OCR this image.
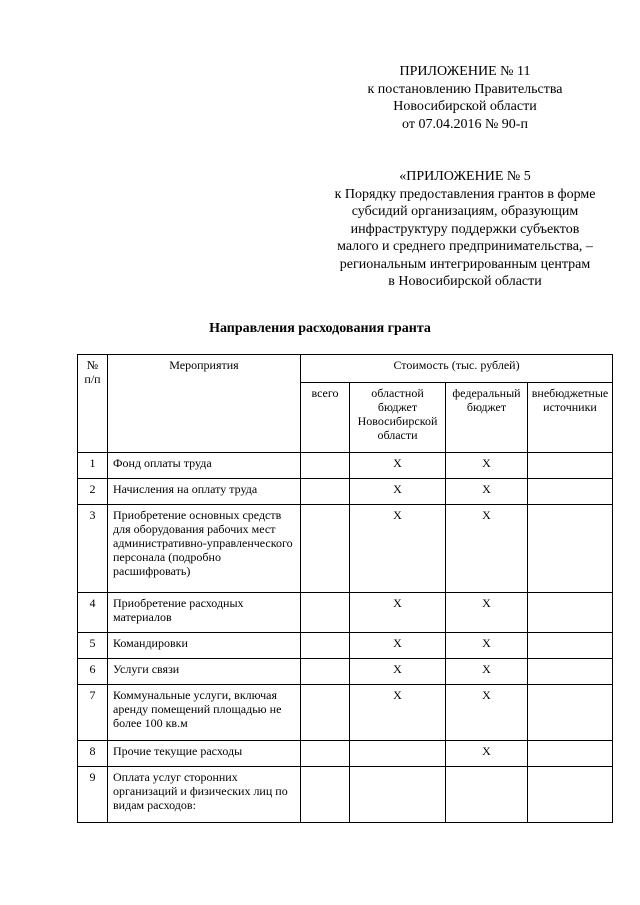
ПРИЛОЖЕНИЕ № 11
к постановлению Правительства
Новосибирской области
от 07.04.2016 № 90-п
«ПРИЛОЖЕНИЕ № 5
к Порядку предоставления грантов в форме
субсидий организациям, образующим
инфраструктуру поддержки субъектов
малого и среднего предпринимательства, –
региональным интегрированным центрам
в Новосибирской области
Направления расходования гранта
№ п/п	Мероприятия	Стоимость (тыс. рублей)			
		всего	областной бюджет Новосибирской области	федеральный бюджет	внебюджетные источники
1	Фонд оплаты труда		X	X	
2	Начисления на оплату труда		X	X	
3	Приобретение основных средств для оборудования рабочих мест административно-управленческого персонала (подробно расшифровать)		X	X	
4	Приобретение расходных материалов		X	X	
5	Командировки		X	X	
6	Услуги связи		X	X	
7	Коммунальные услуги, включая аренду помещений площадью не более 100 кв.м		X	X	
8	Прочие текущие расходы			X	
9	Оплата услуг сторонних организаций и физических лиц по видам расходов:				
